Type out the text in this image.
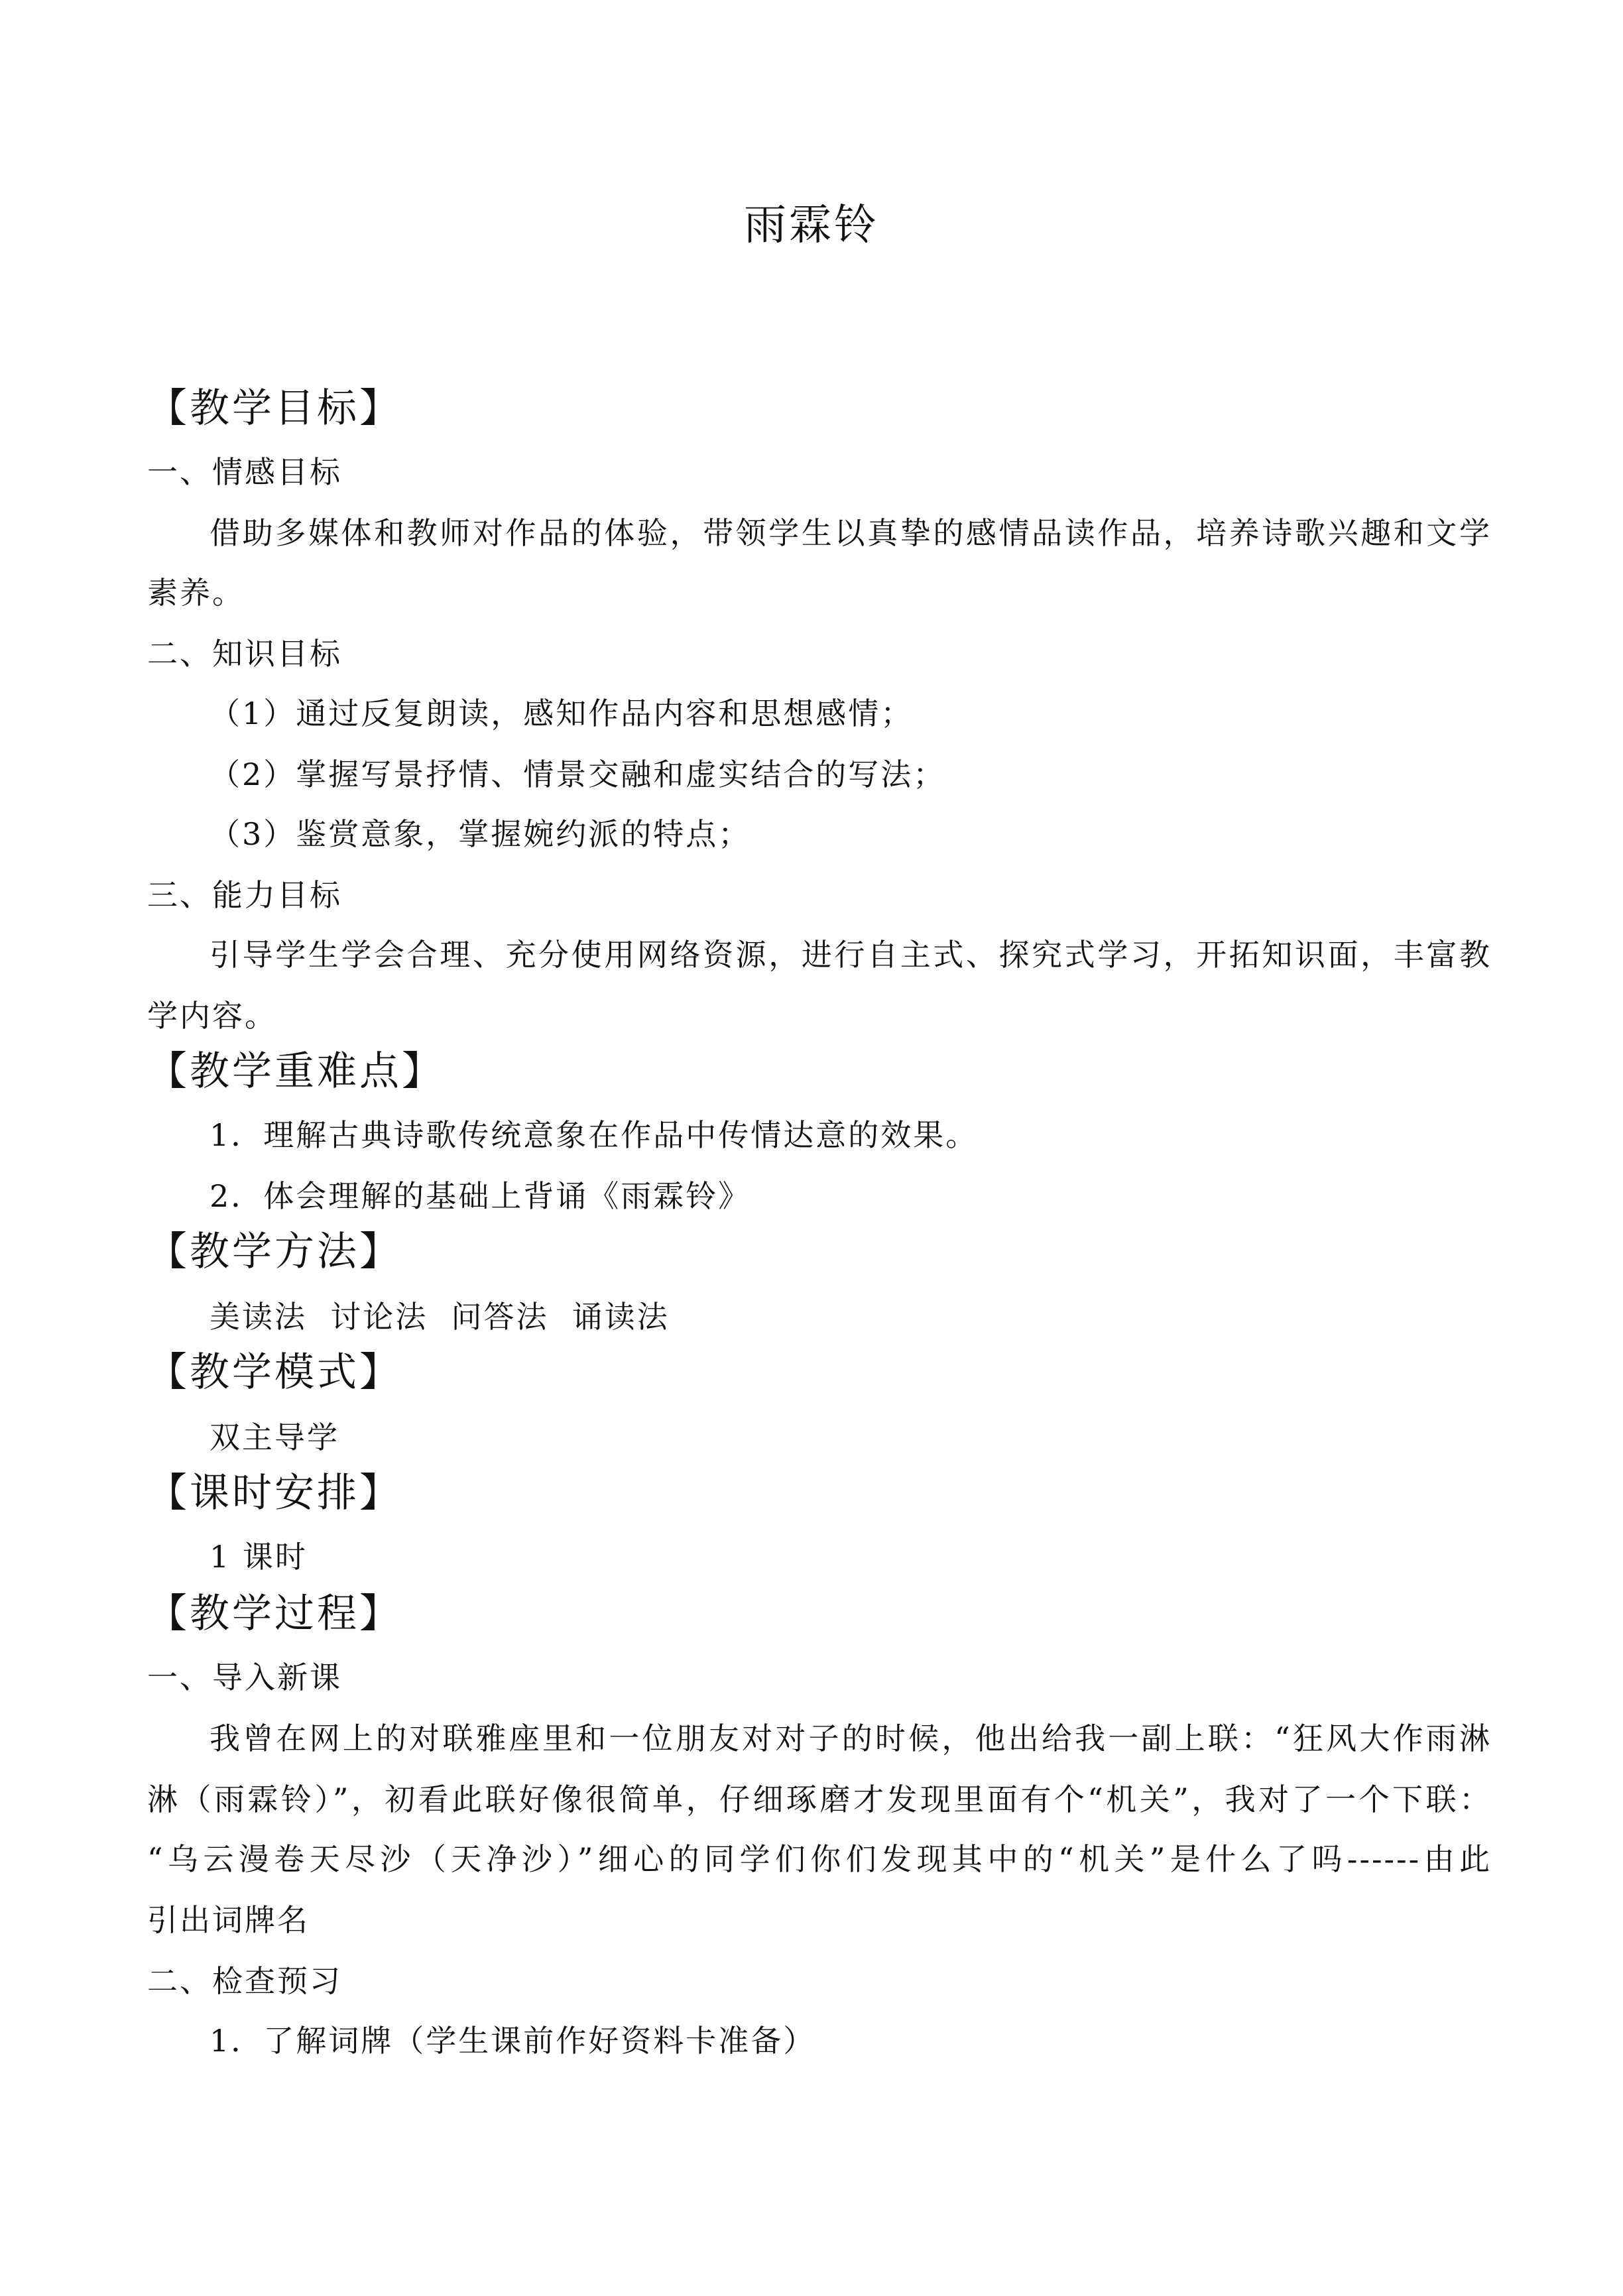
雨霖铃
【教学目标】
一、情感目标
借助多媒体和教师对作品的体验，带领学生以真挚的感情品读作品，培养诗歌兴趣和文学
素养。
二、知识目标
（1）通过反复朗读，感知作品内容和思想感情；
（2）掌握写景抒情、情景交融和虚实结合的写法；
（3）鉴赏意象，掌握婉约派的特点；
三、能力目标
引导学生学会合理、充分使用网络资源，进行自主式、探究式学习，开拓知识面，丰富教
学内容。
【教学重难点】
1．理解古典诗歌传统意象在作品中传情达意的效果。
2．体会理解的基础上背诵《雨霖铃》
【教学方法】
美读法  讨论法  问答法  诵读法
【教学模式】
双主导学
【课时安排】
1 课时
【教学过程】
一、导入新课
我曾在网上的对联雅座里和一位朋友对对子的时候，他出给我一副上联：“狂风大作雨淋
淋（雨霖铃）”，初看此联好像很简单，仔细琢磨才发现里面有个“机关”，我对了一个下联：
“乌云漫卷天尽沙（天净沙）”细心的同学们你们发现其中的“机关”是什么了吗------由此
引出词牌名
二、检查预习
1．了解词牌（学生课前作好资料卡准备）
